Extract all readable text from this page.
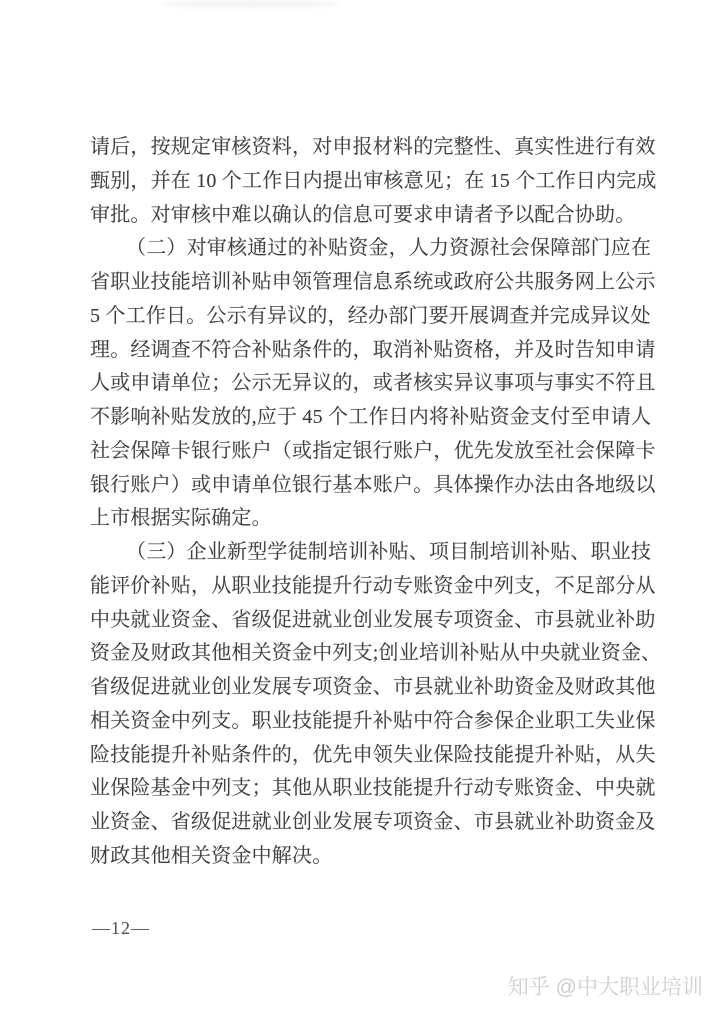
请后，按规定审核资料，对申报材料的完整性、真实性进行有效
甄别，并在 10 个工作日内提出审核意见；在 15 个工作日内完成
审批。对审核中难以确认的信息可要求申请者予以配合协助。
（二）对审核通过的补贴资金，人力资源社会保障部门应在
省职业技能培训补贴申领管理信息系统或政府公共服务网上公示
5 个工作日。公示有异议的，经办部门要开展调查并完成异议处
理。经调查不符合补贴条件的，取消补贴资格，并及时告知申请
人或申请单位；公示无异议的，或者核实异议事项与事实不符且
不影响补贴发放的,应于 45 个工作日内将补贴资金支付至申请人
社会保障卡银行账户（或指定银行账户，优先发放至社会保障卡
银行账户）或申请单位银行基本账户。具体操作办法由各地级以
上市根据实际确定。
（三）企业新型学徒制培训补贴、项目制培训补贴、职业技
能评价补贴，从职业技能提升行动专账资金中列支，不足部分从
中央就业资金、省级促进就业创业发展专项资金、市县就业补助
资金及财政其他相关资金中列支;创业培训补贴从中央就业资金、
省级促进就业创业发展专项资金、市县就业补助资金及财政其他
相关资金中列支。职业技能提升补贴中符合参保企业职工失业保
险技能提升补贴条件的，优先申领失业保险技能提升补贴，从失
业保险基金中列支；其他从职业技能提升行动专账资金、中央就
业资金、省级促进就业创业发展专项资金、市县就业补助资金及
财政其他相关资金中解决。
—12—
知乎 @中大职业培训
